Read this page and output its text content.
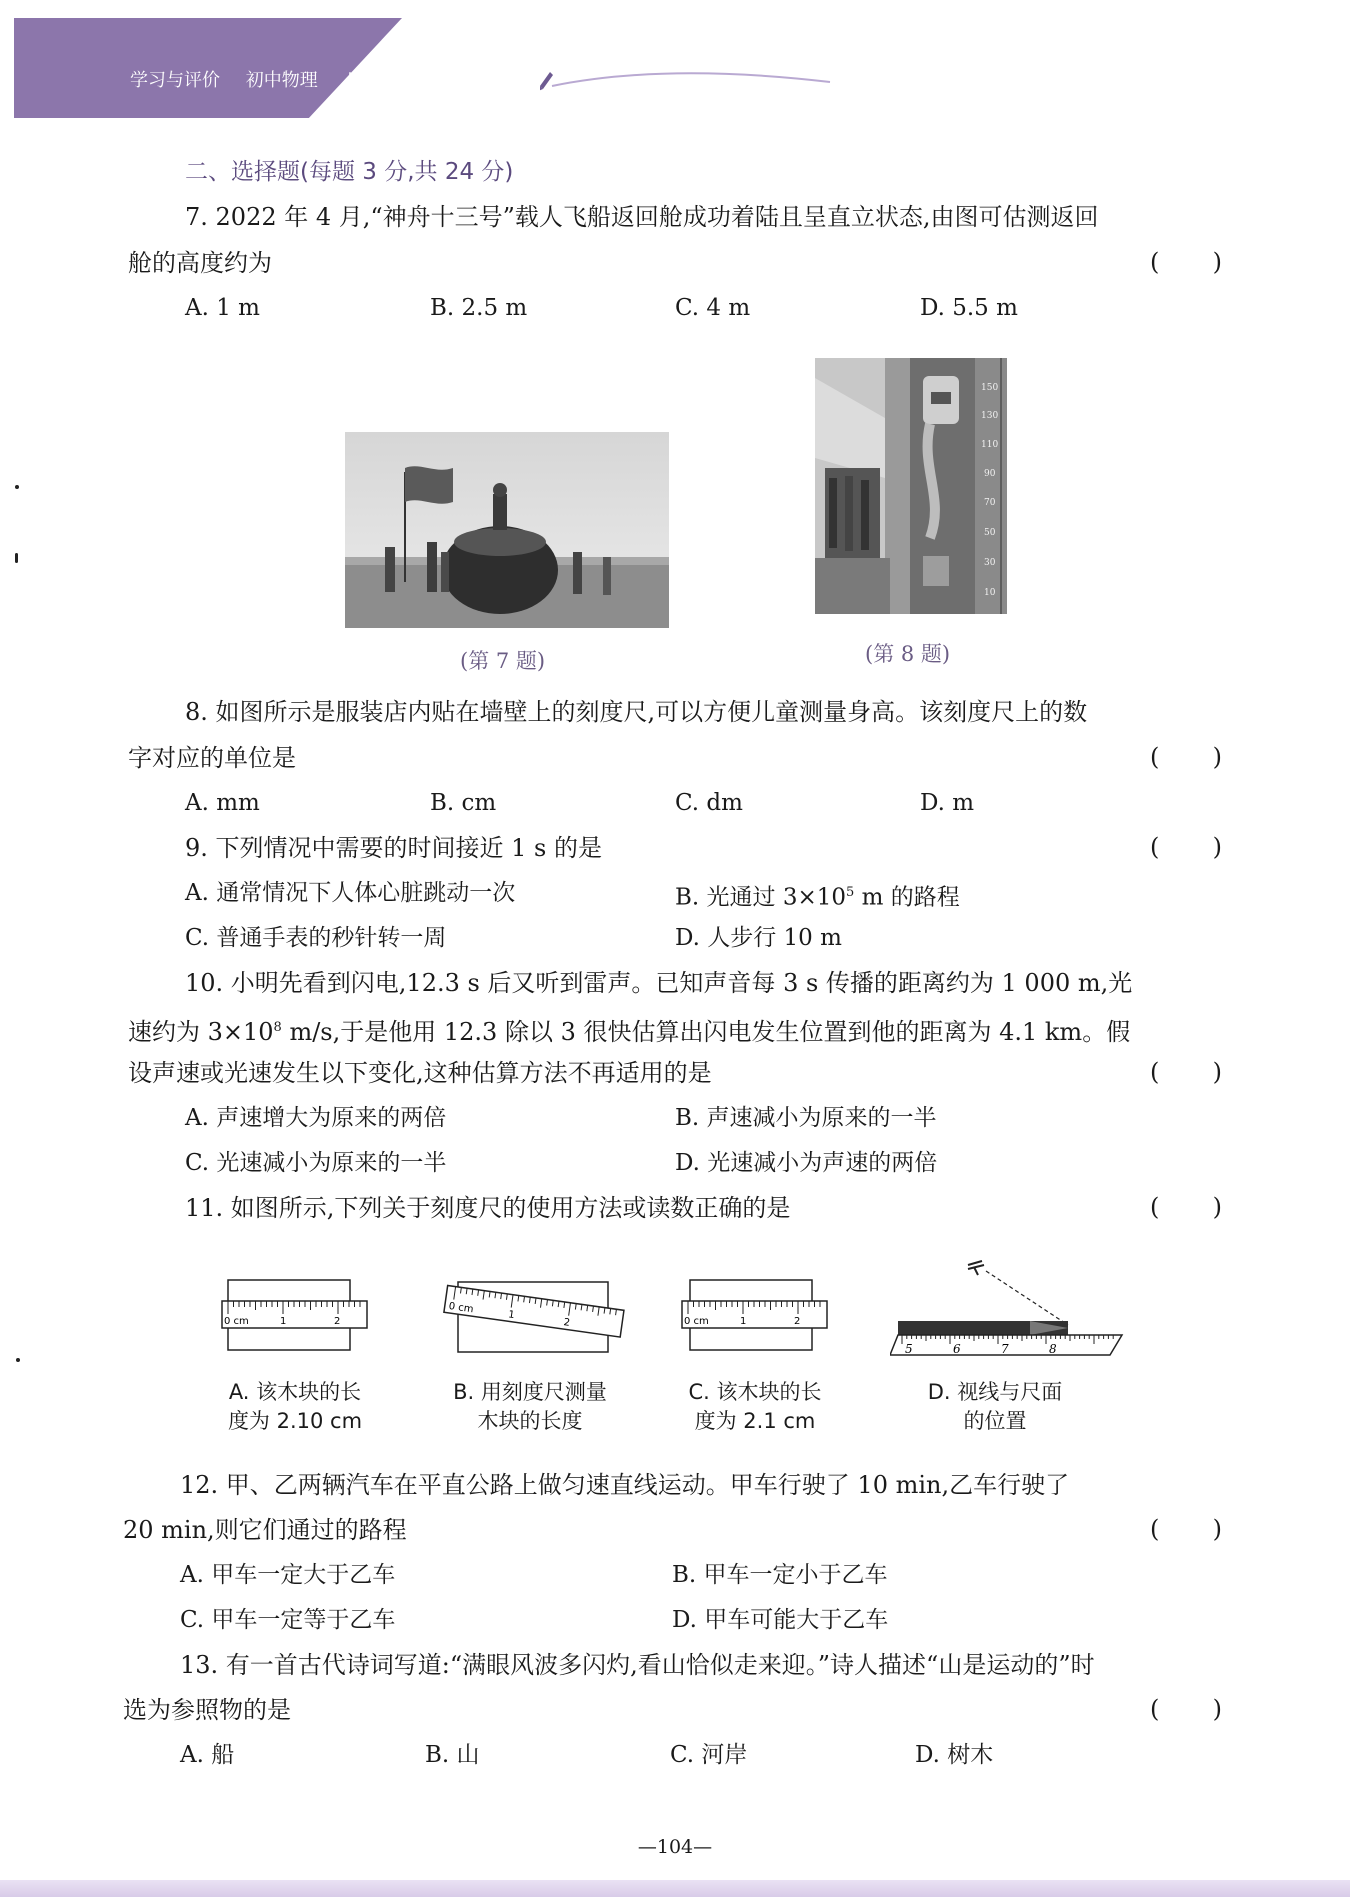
学习与评价 初中物理 八年级上册 苏科版
二、选择题(每题 3 分,共 24 分)
7. 2022 年 4 月,“神舟十三号”载人飞船返回舱成功着陆且呈直立状态,由图可估测返回
舱的高度约为	( )
A. 1 m	B. 2.5 m	C. 4 m	D. 5.5 m
(第 7 题)
150
130
110
90
70
50
30
10
(第 8 题)
8. 如图所示是服装店内贴在墙壁上的刻度尺,可以方便儿童测量身高。该刻度尺上的数
字对应的单位是	( )
A. mm	B. cm	C. dm	D. m
9. 下列情况中需要的时间接近 1 s 的是	( )
A. 通常情况下人体心脏跳动一次	B. 光通过 $3\times 10^5$ m 的路程
C. 普通手表的秒针转一周	D. 人步行 10 m
10. 小明先看到闪电,12.3 s 后又听到雷声。已知声音每 3 s 传播的距离约为 1 000 m,光
速约为 $3\times 10^8$ m/s,于是他用 12.3 除以 3 很快估算出闪电发生位置到他的距离为 4.1 km。假
设声速或光速发生以下变化,这种估算方法不再适用的是	( )
A. 声速增大为原来的两倍	B. 声速减小为原来的一半
C. 光速减小为原来的一半	D. 光速减小为声速的两倍
11. 如图所示,下列关于刻度尺的使用方法或读数正确的是	( )
0 cm	1	2
0 cm	1
2	0 cm	1	2
5	6	7	8
A. 该木块的长
度为 2.10 cm
B. 用刻度尺测量
木块的长度
C. 该木块的长
度为 2.1 cm
D. 视线与尺面
的位置
12. 甲、乙两辆汽车在平直公路上做匀速直线运动。甲车行驶了 10 min,乙车行驶了
20 min,则它们通过的路程	( )
A. 甲车一定大于乙车	B. 甲车一定小于乙车
C. 甲车一定等于乙车	D. 甲车可能大于乙车
13. 有一首古代诗词写道:“满眼风波多闪灼,看山恰似走来迎。”诗人描述“山是运动的”时
选为参照物的是	( )
A. 船	B. 山	C. 河岸	D. 树木
—104—
